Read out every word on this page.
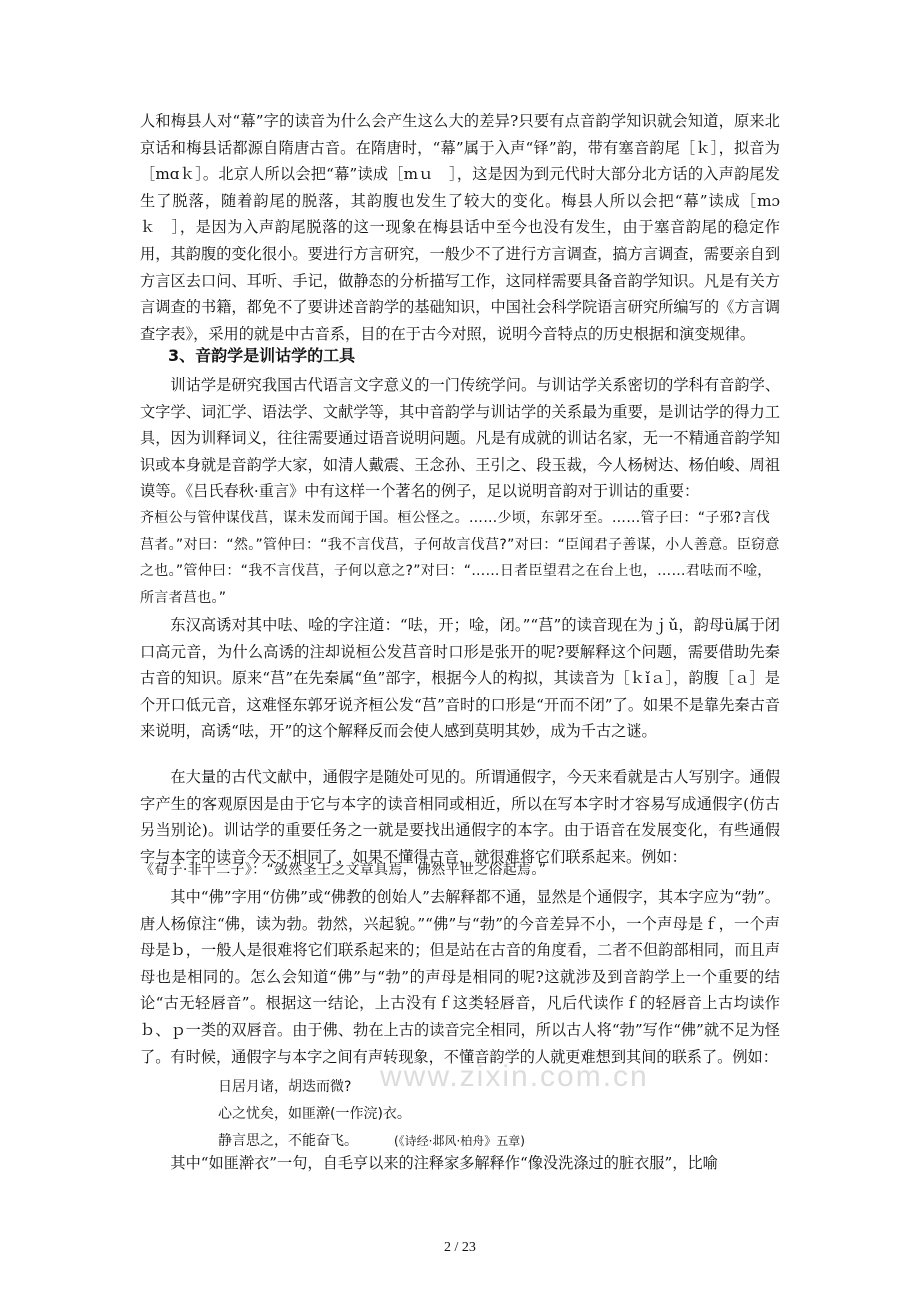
人和梅县人对“幕”字的读音为什么会产生这么大的差异?只要有点音韵学知识就会知道，原来北京话和梅县话都源自隋唐古音。在隋唐时，“幕”属于入声“铎”韵，带有塞音韵尾［ｋ］，拟音为［mɑｋ］。北京人所以会把“幕”读成［mｕ　］，这是因为到元代时大部分北方话的入声韵尾发生了脱落，随着韵尾的脱落，其韵腹也发生了较大的变化。梅县人所以会把“幕”读成［mɔｋ　］，是因为入声韵尾脱落的这一现象在梅县话中至今也没有发生，由于塞音韵尾的稳定作用，其韵腹的变化很小。要进行方言研究，一般少不了进行方言调查，搞方言调查，需要亲自到方言区去口问、耳听、手记，做静态的分析描写工作，这同样需要具备音韵学知识。凡是有关方言调查的书籍，都免不了要讲述音韵学的基础知识，中国社会科学院语言研究所编写的《方言调查字表》，采用的就是中古音系，目的在于古今对照，说明今音特点的历史根据和演变规律。

3、音韵学是训诂学的工具

训诂学是研究我国古代语言文字意义的一门传统学问。与训诂学关系密切的学科有音韵学、文字学、词汇学、语法学、文献学等，其中音韵学与训诂学的关系最为重要，是训诂学的得力工具，因为训释词义，往往需要通过语音说明问题。凡是有成就的训诂名家，无一不精通音韵学知识或本身就是音韵学大家，如清人戴震、王念孙、王引之、段玉裁，今人杨树达、杨伯峻、周祖谟等。《吕氏春秋·重言》中有这样一个著名的例子，足以说明音韵对于训诂的重要：

齐桓公与管仲谋伐莒，谋未发而闻于国。桓公怪之。……少顷，东郭牙至。……管子曰：“子邪?言伐莒者。”对曰：“然。”管仲曰：“我不言伐莒，子何故言伐莒?”对曰：“臣闻君子善谋，小人善意。臣窃意之也。”管仲曰：“我不言伐莒，子何以意之?”对曰：“……日者臣望君之在台上也，……君呿而不唫，所言者莒也。”

东汉高诱对其中呿、唫的字注道：“呿，开；唫，闭。”“莒”的读音现在为ｊǔ，韵母ü属于闭口高元音，为什么高诱的注却说桓公发莒音时口形是张开的呢?要解释这个问题，需要借助先秦古音的知识。原来“莒”在先秦属“鱼”部字，根据今人的构拟，其读音为［ｋǐａ］，韵腹［ａ］是个开口低元音，这难怪东郭牙说齐桓公发“莒”音时的口形是“开而不闭”了。如果不是靠先秦古音来说明，高诱“呿，开”的这个解释反而会使人感到莫明其妙，成为千古之谜。

在大量的古代文献中，通假字是随处可见的。所谓通假字，今天来看就是古人写别字。通假字产生的客观原因是由于它与本字的读音相同或相近，所以在写本字时才容易写成通假字(仿古另当别论)。训诂学的重要任务之一就是要找出通假字的本字。由于语音在发展变化，有些通假字与本字的读音今天不相同了，如果不懂得古音，就很难将它们联系起来。例如：

《荀子·非十二子》：“敛然圣王之文章具焉，佛然平世之俗起焉。”

其中“佛”字用“仿佛”或“佛教的创始人”去解释都不通，显然是个通假字，其本字应为“勃”。唐人杨倞注“佛，读为勃。勃然，兴起貌。”“佛”与“勃”的今音差异不小，一个声母是ｆ，一个声母是ｂ，一般人是很难将它们联系起来的；但是站在古音的角度看，二者不但韵部相同，而且声母也是相同的。怎么会知道“佛”与“勃”的声母是相同的呢?这就涉及到音韵学上一个重要的结论“古无轻唇音”。根据这一结论，上古没有ｆ这类轻唇音，凡后代读作ｆ的轻唇音上古均读作ｂ、ｐ一类的双唇音。由于佛、勃在上古的读音完全相同，所以古人将“勃”写作“佛”就不足为怪了。有时候，通假字与本字之间有声转现象，不懂音韵学的人就更难想到其间的联系了。例如：

日居月诸，胡迭而微?
心之忧矣，如匪澣(一作浣)衣。
静言思之，不能奋飞。	(《诗经·邶风·柏舟》五章)

其中“如匪澣衣”一句，自毛亨以来的注释家多解释作“像没洗涤过的脏衣服”，比喻

www.zixin.com.cn
2 / 23
